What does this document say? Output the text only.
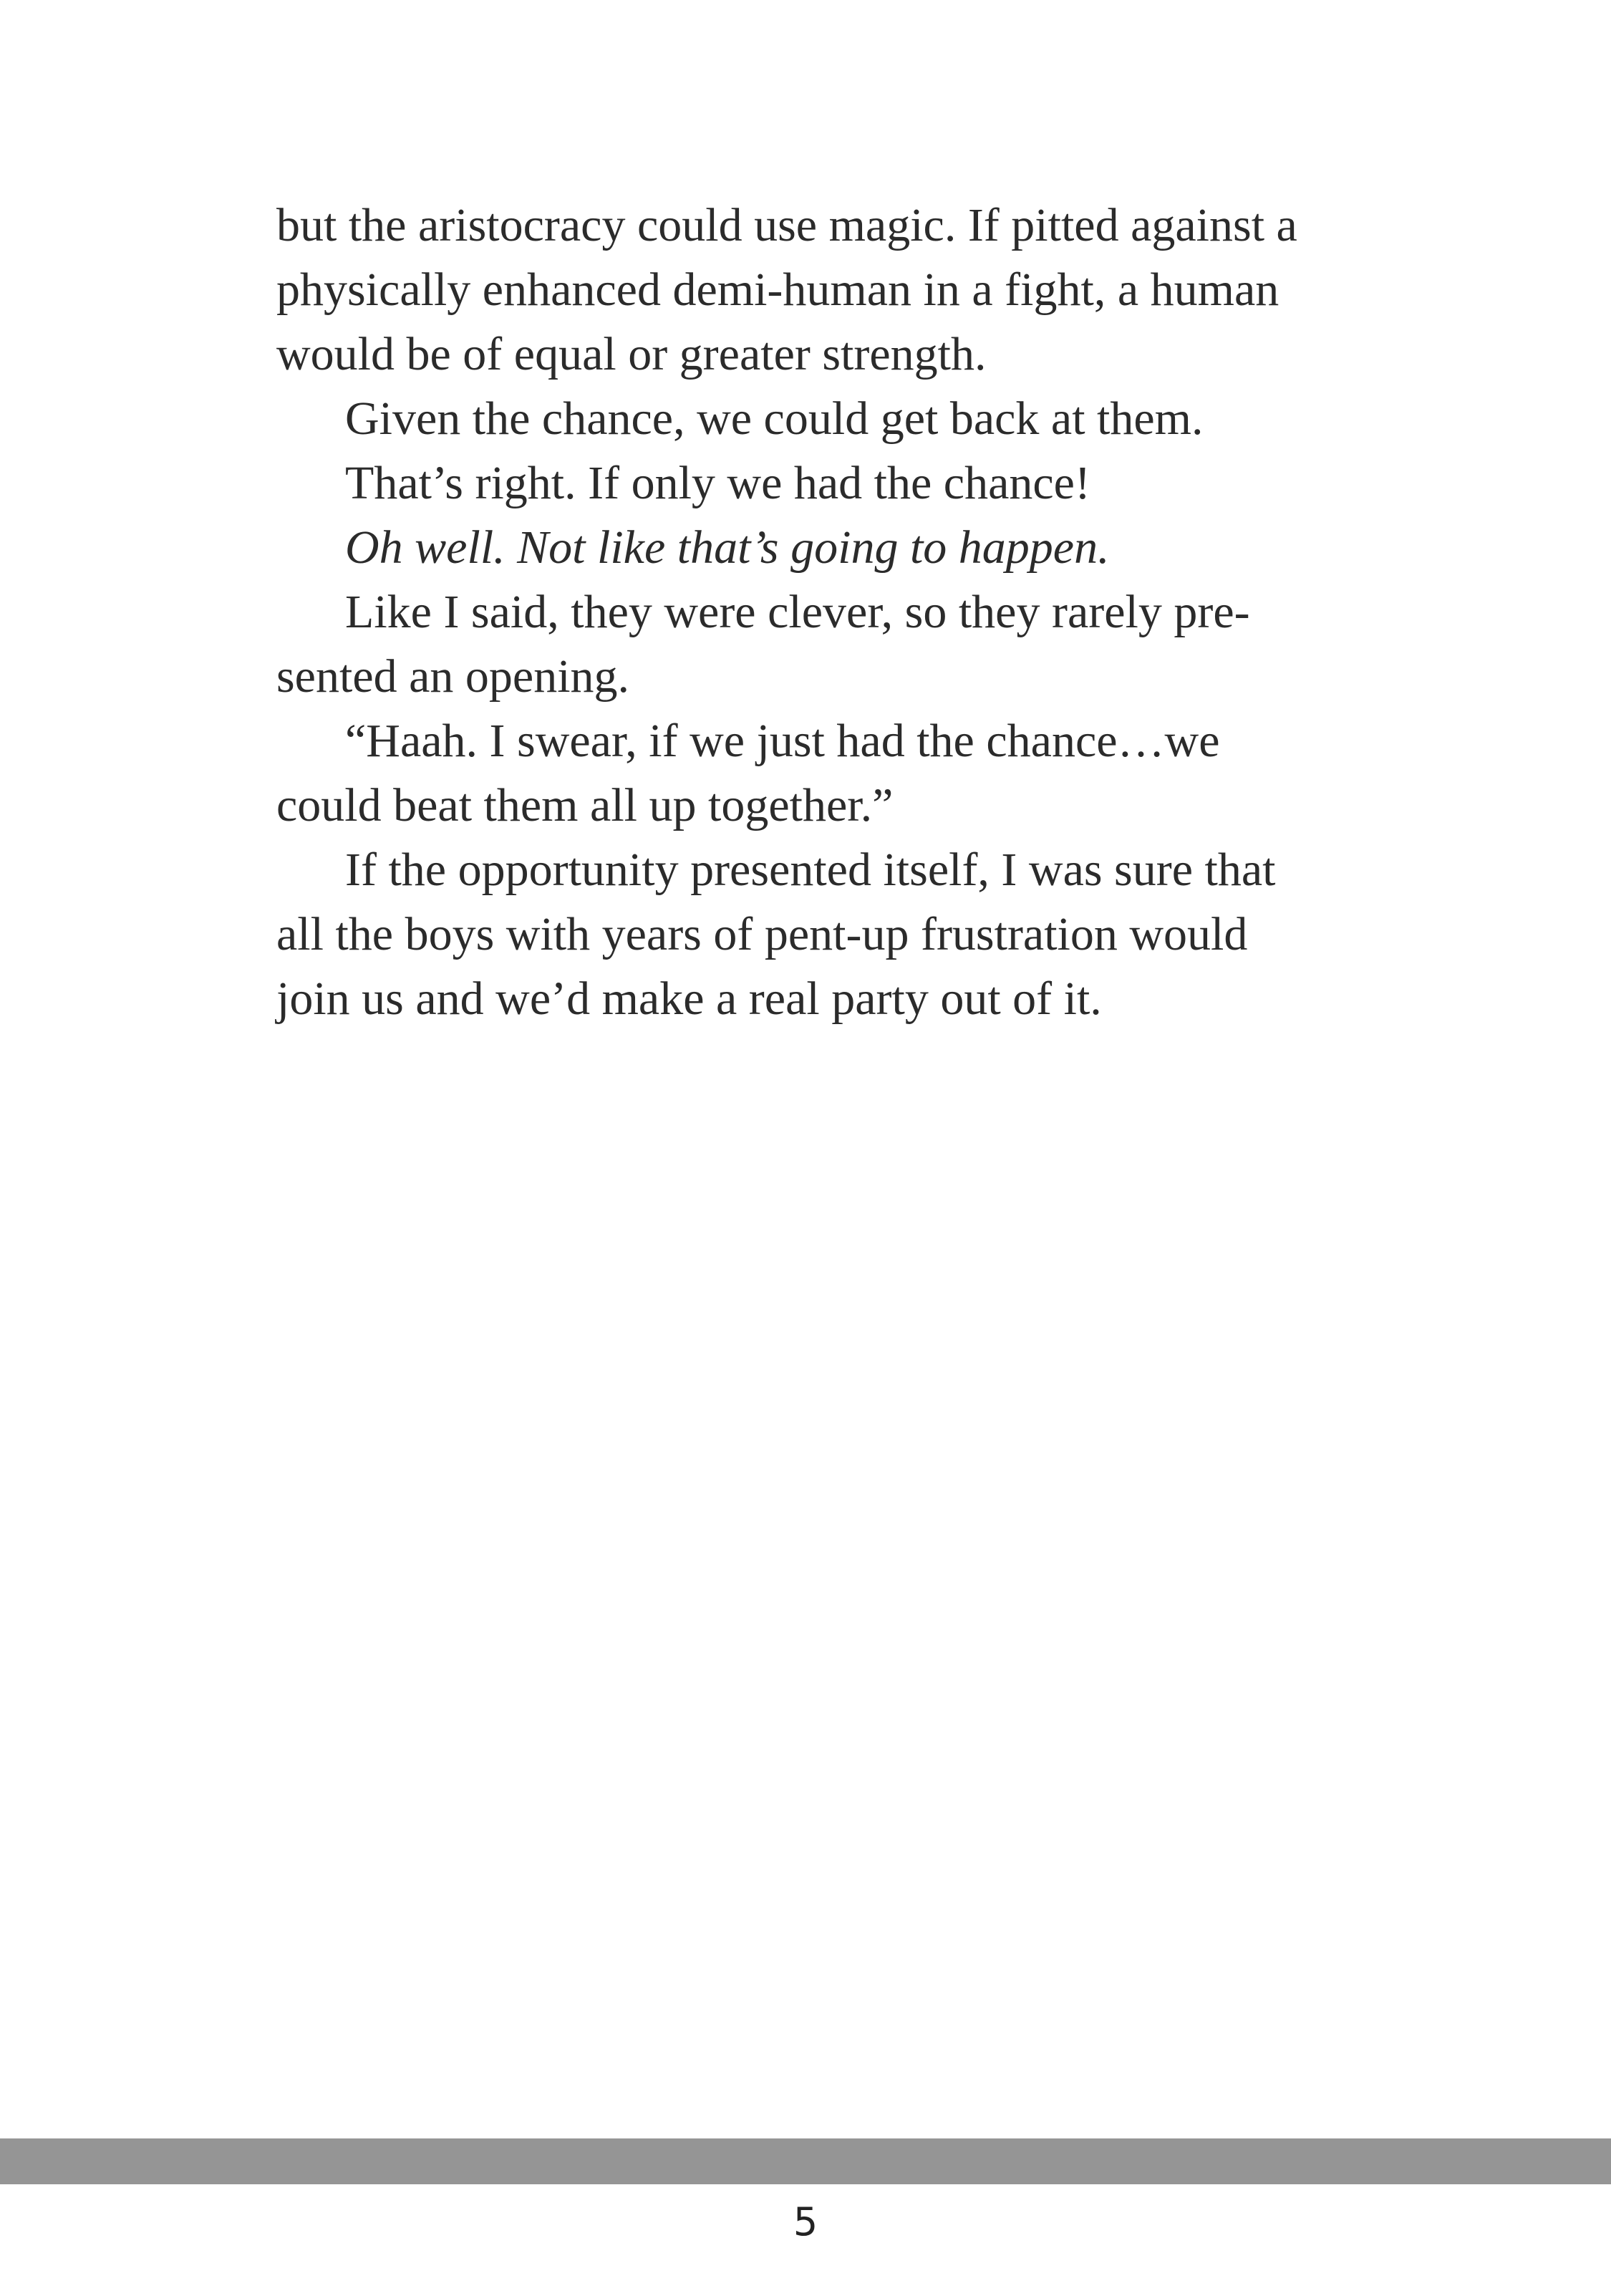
but the aristocracy could use magic. If pitted against a
physically enhanced demi-human in a fight, a human
would be of equal or greater strength.
Given the chance, we could get back at them.
That’s right. If only we had the chance!
Oh well. Not like that’s going to happen.
Like I said, they were clever, so they rarely pre-
sented an opening.
“Haah. I swear, if we just had the chance…we
could beat them all up together.”
If the opportunity presented itself, I was sure that
all the boys with years of pent-up frustration would
join us and we’d make a real party out of it.
5
